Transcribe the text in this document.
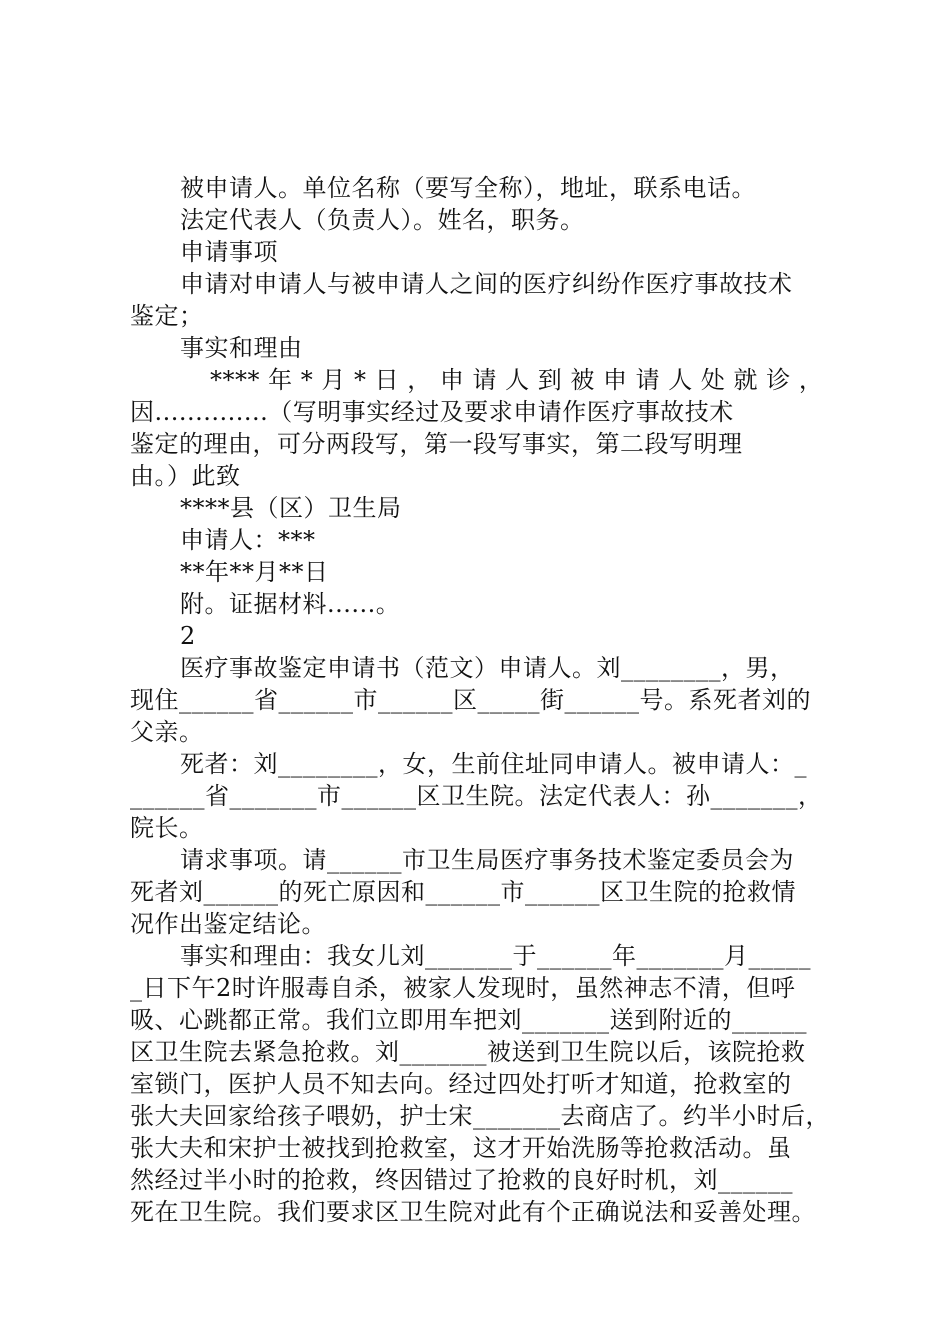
被申请人。单位名称（要写全称），地址，联系电话。
法定代表人（负责人）。姓名，职务。
申请事项
申请对申请人与被申请人之间的医疗纠纷作医疗事故技术
鉴定；
事实和理由
**** 年 * 月 * 日 ， 申 请 人 到 被 申 请 人 处 就 诊 ，
因..............（写明事实经过及要求申请作医疗事故技术
鉴定的理由，可分两段写，第一段写事实，第二段写明理
由。）此致
****县（区）卫生局
申请人：***
**年**月**日
附。证据材料......。
2
医疗事故鉴定申请书（范文）申请人。刘________，男，
现住______省______市______区_____街______号。系死者刘的
父亲。
死者：刘________，女，生前住址同申请人。被申请人：_
______省_______市______区卫生院。法定代表人：孙_______，
院长。
请求事项。请______市卫生局医疗事务技术鉴定委员会为
死者刘______的死亡原因和______市______区卫生院的抢救情
况作出鉴定结论。
事实和理由：我女儿刘_______于______年_______月_____
_日下午2时许服毒自杀，被家人发现时，虽然神志不清，但呼
吸、心跳都正常。我们立即用车把刘_______送到附近的______
区卫生院去紧急抢救。刘_______被送到卫生院以后，该院抢救
室锁门，医护人员不知去向。经过四处打听才知道，抢救室的
张大夫回家给孩子喂奶，护士宋_______去商店了。约半小时后，
张大夫和宋护士被找到抢救室，这才开始洗肠等抢救活动。虽
然经过半小时的抢救，终因错过了抢救的良好时机，刘______
死在卫生院。我们要求区卫生院对此有个正确说法和妥善处理。
